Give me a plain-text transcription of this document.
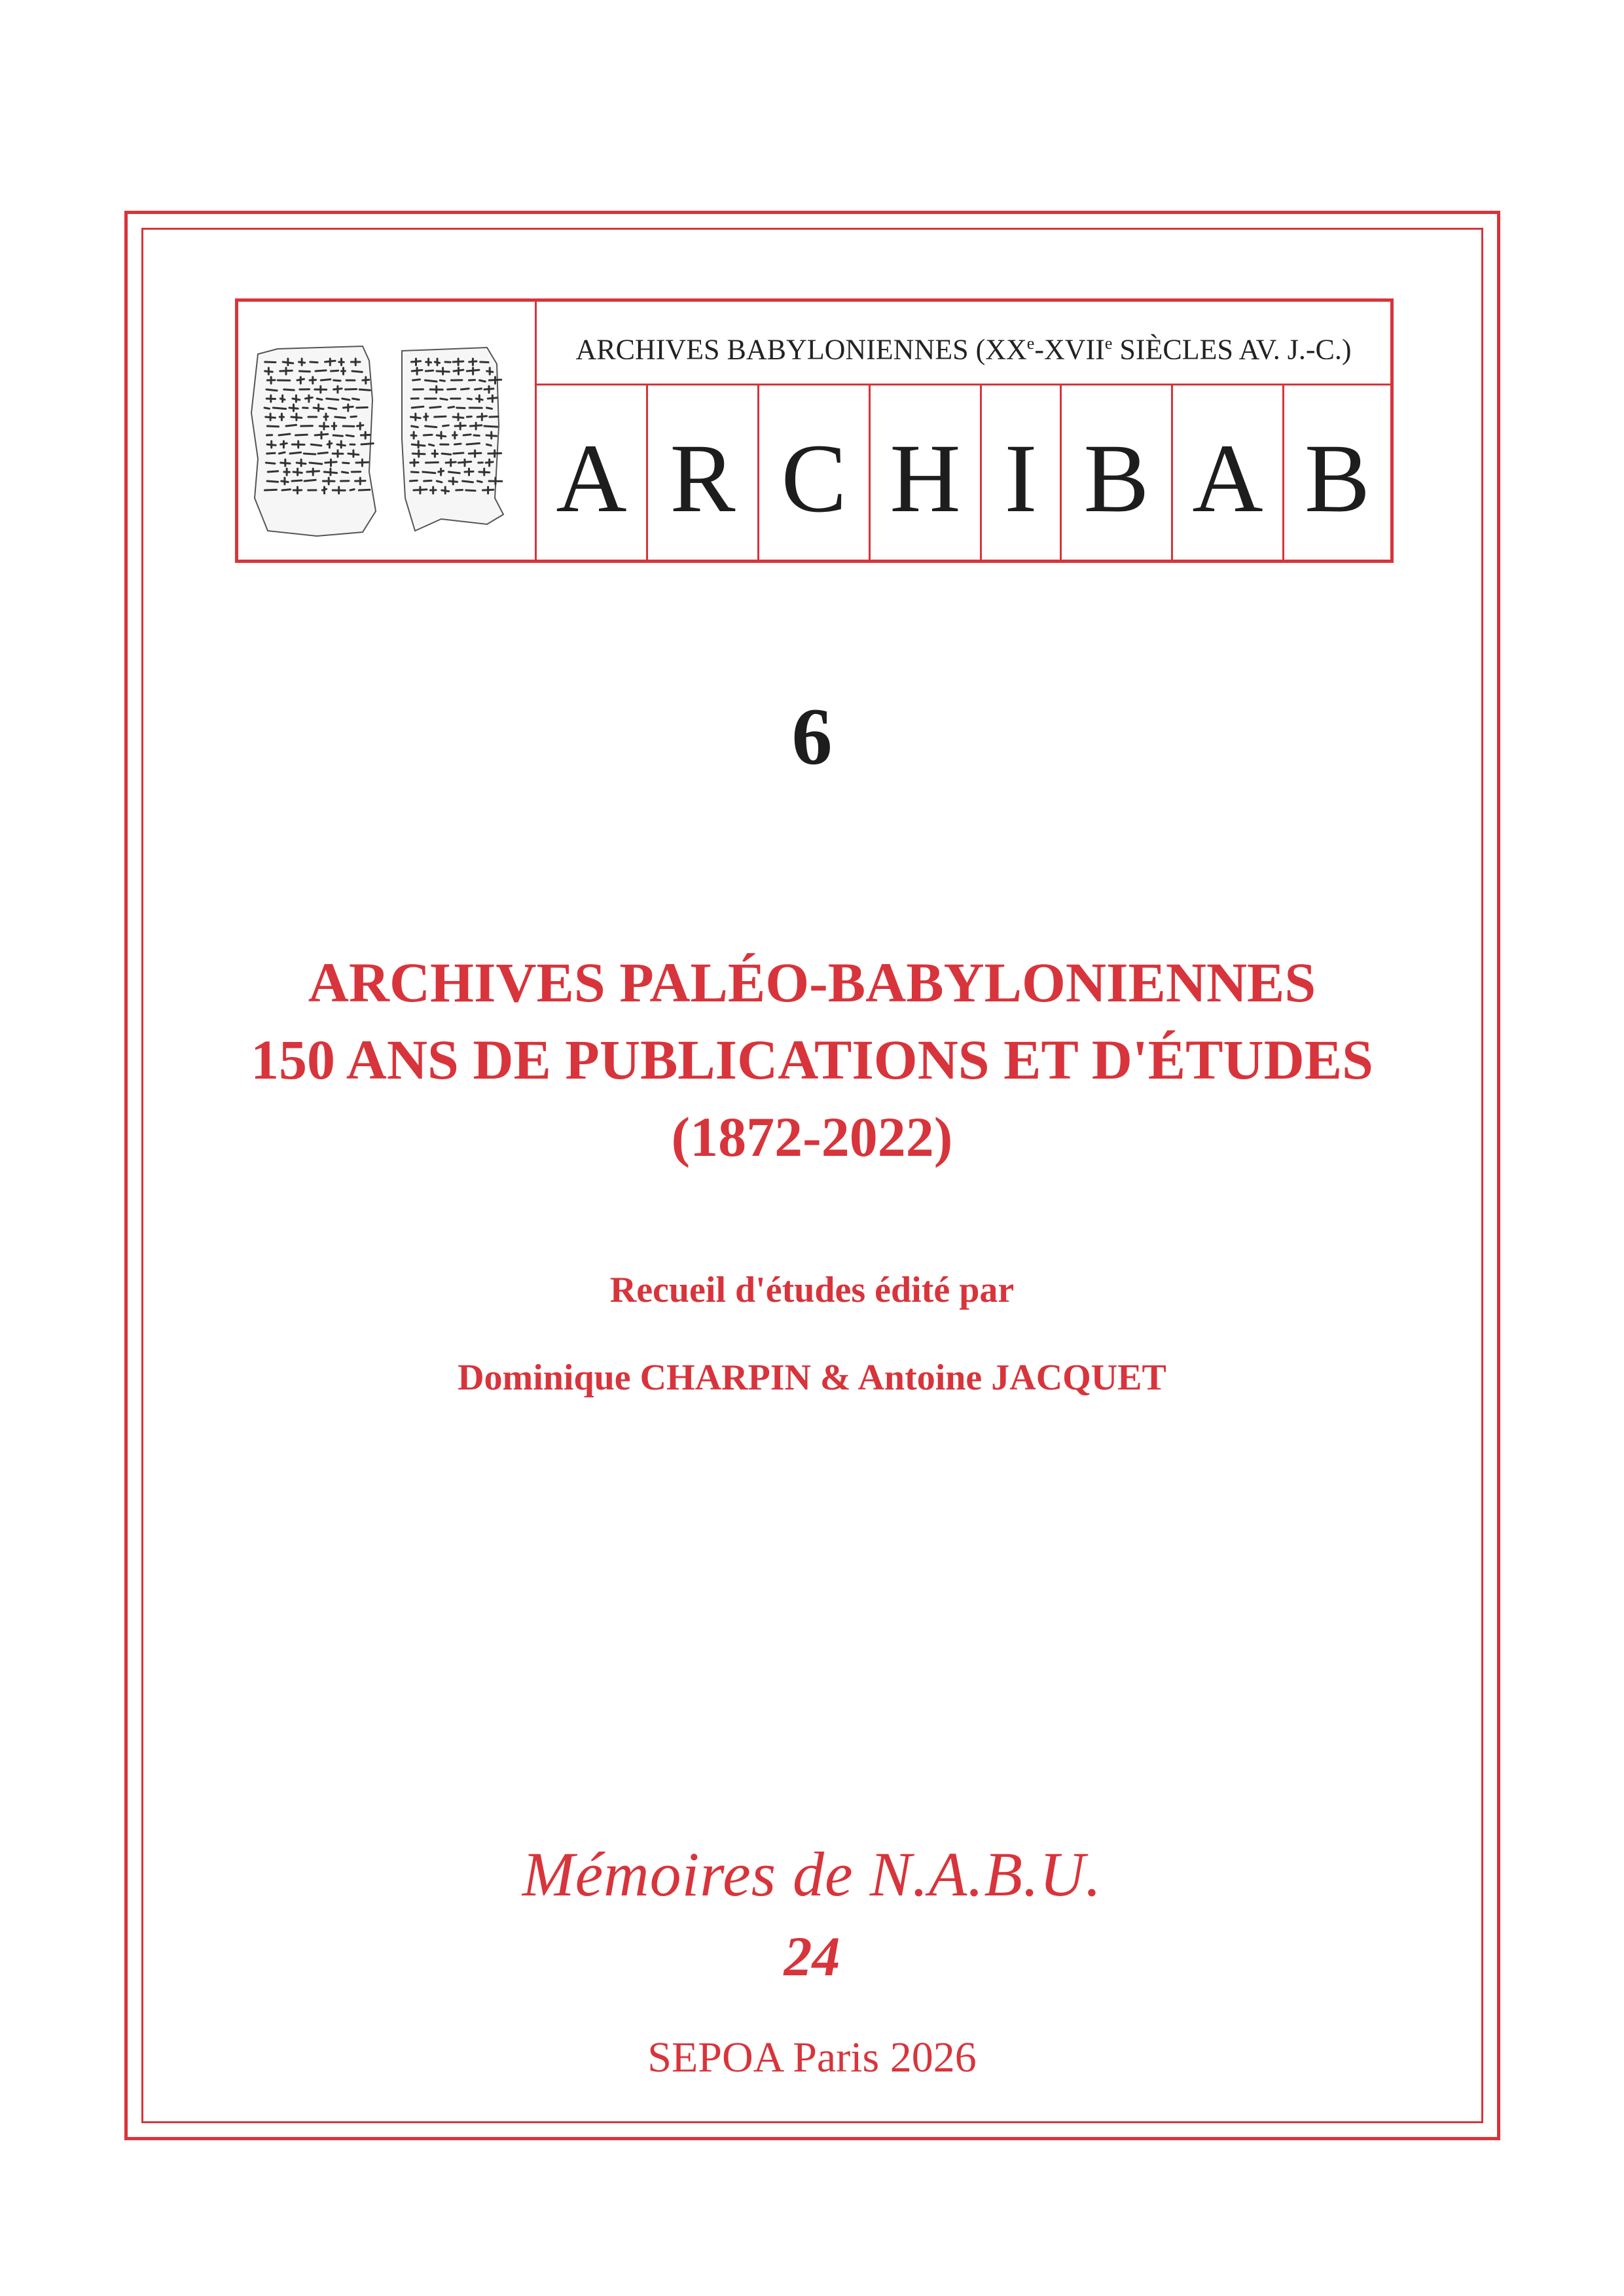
ARCHIVES BABYLONIENNES (XXe-XVIIe SIÈCLES AV. J.-C.)
A R C H I B A B
6
ARCHIVES PALÉO-BABYLONIENNES
150 ANS DE PUBLICATIONS ET D'ÉTUDES
(1872-2022)
Recueil d'études édité par
Dominique CHARPIN & Antoine JACQUET
Mémoires de N.A.B.U.
24
SEPOA Paris 2026
